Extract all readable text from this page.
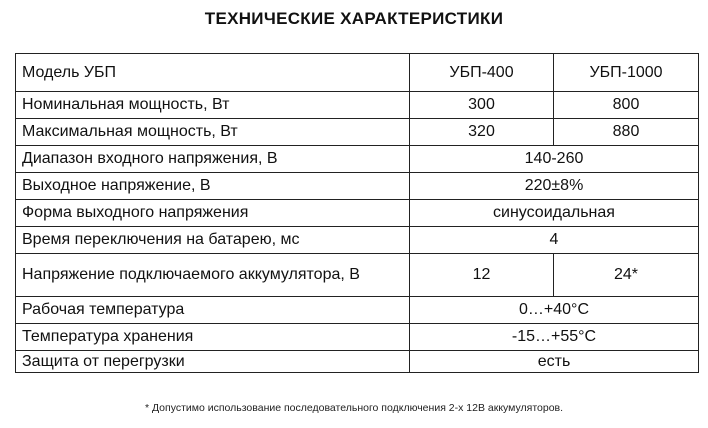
ТЕХНИЧЕСКИЕ ХАРАКТЕРИСТИКИ
Модель УБП	УБП-400	УБП-1000
Номинальная мощность, Вт	300	800
Максимальная мощность, Вт	320	880
Диапазон входного напряжения, В	140-260	
Выходное напряжение, В	220±8%	
Форма выходного напряжения	синусоидальная	
Время переключения на батарею, мс	4	
Напряжение подключаемого аккумулятора, В	12	24*
Рабочая температура	0…+40°С	
Температура хранения	-15…+55°С	
Защита от перегрузки	есть	
* Допустимо использование последовательного подключения 2-х 12В аккумуляторов.
